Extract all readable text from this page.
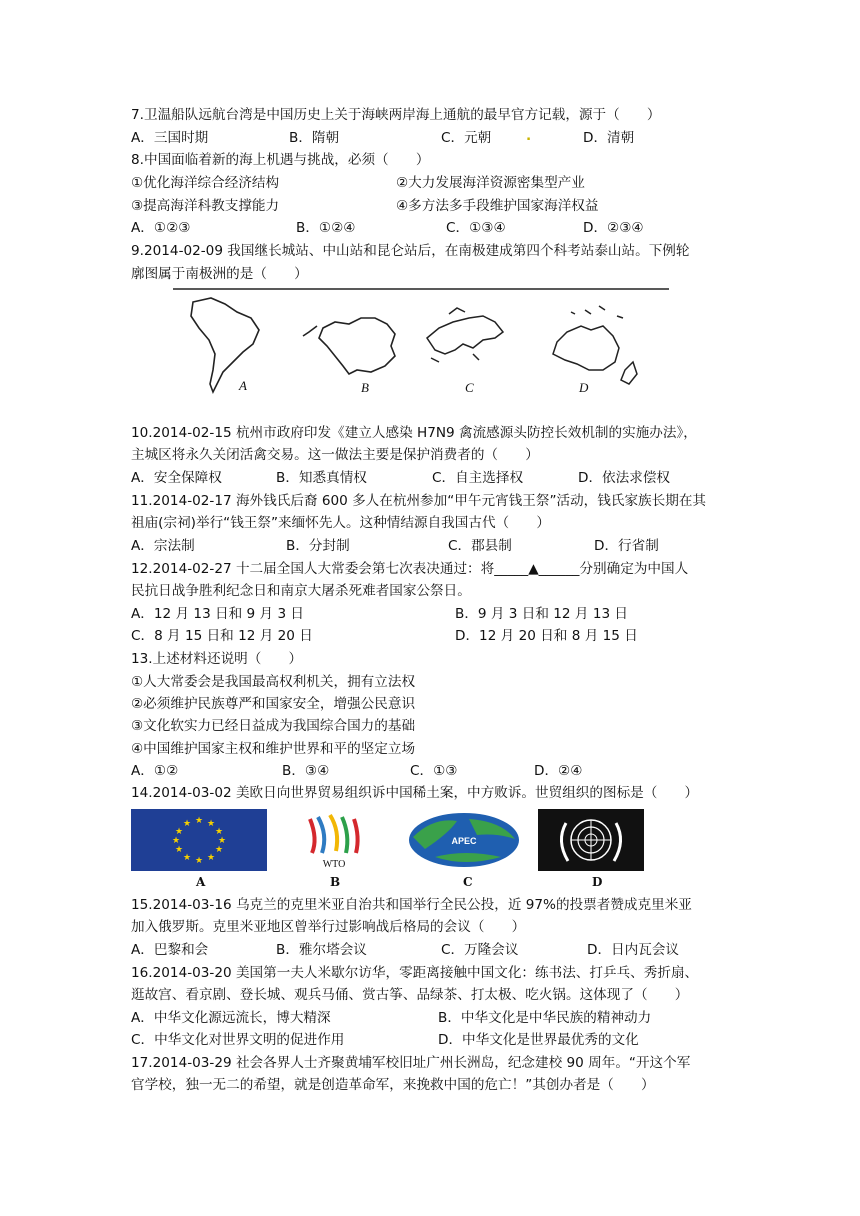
7.卫温船队远航台湾是中国历史上关于海峡两岸海上通航的最早官方记载，源于（　　）
A．三国时期	B．隋朝	C．元朝	.	D．清朝
8.中国面临着新的海上机遇与挑战，必须（　　）
①优化海洋综合经济结构	②大力发展海洋资源密集型产业
③提高海洋科教支撑能力	④多方法多手段维护国家海洋权益
A．①②③	B．①②④	C．①③④	D．②③④
9.2014-02-09 我国继长城站、中山站和昆仑站后，在南极建成第四个科考站泰山站。下例轮
廓图属于南极洲的是（　　）
A	B	C	D
10.2014-02-15 杭州市政府印发《建立人感染 H7N9 禽流感源头防控长效机制的实施办法》，
主城区将永久关闭活禽交易。这一做法主要是保护消费者的（　　）
A．安全保障权	B．知悉真情权	C．自主选择权	D．依法求偿权
11.2014-02-17 海外钱氏后裔 600 多人在杭州参加“甲午元宵钱王祭”活动，钱氏家族长期在其
祖庙(宗祠)举行“钱王祭”来缅怀先人。这种情结源自我国古代（　　）
A．宗法制	B．分封制	C．郡县制	D．行省制
12.2014-02-27 十二届全国人大常委会第七次表决通过：将_____▲______分别确定为中国人
民抗日战争胜利纪念日和南京大屠杀死难者国家公祭日。
A．12 月 13 日和 9 月 3 日	B．9 月 3 日和 12 月 13 日
C．8 月 15 日和 12 月 20 日	D．12 月 20 日和 8 月 15 日
13.上述材料还说明（　　）
①人大常委会是我国最高权利机关，拥有立法权
②必须维护民族尊严和国家安全，增强公民意识
③文化软实力已经日益成为我国综合国力的基础
④中国维护国家主权和维护世界和平的坚定立场
A．①②	B．③④	C．①③	D．②④
14.2014-03-02 美欧日向世界贸易组织诉中国稀土案，中方败诉。世贸组织的图标是（　　）
★ ★
★
★
★
★
★
★
★
★
★
★
WTO
APEC
A	B	C	D
15.2014-03-16 乌克兰的克里米亚自治共和国举行全民公投，近 97%的投票者赞成克里米亚
加入俄罗斯。克里米亚地区曾举行过影响战后格局的会议（　　）
A．巴黎和会	B．雅尔塔会议	C．万隆会议	D．日内瓦会议
16.2014-03-20 美国第一夫人米歇尔访华，零距离接触中国文化：练书法、打乒乓、秀折扇、
逛故宫、看京剧、登长城、观兵马俑、赏古筝、品绿茶、打太极、吃火锅。这体现了（　　）
A．中华文化源远流长，博大精深	B．中华文化是中华民族的精神动力
C．中华文化对世界文明的促进作用	D．中华文化是世界最优秀的文化
17.2014-03-29 社会各界人士齐聚黄埔军校旧址广州长洲岛，纪念建校 90 周年。“开这个军
官学校，独一无二的希望，就是创造革命军，来挽救中国的危亡！”其创办者是（　　）
